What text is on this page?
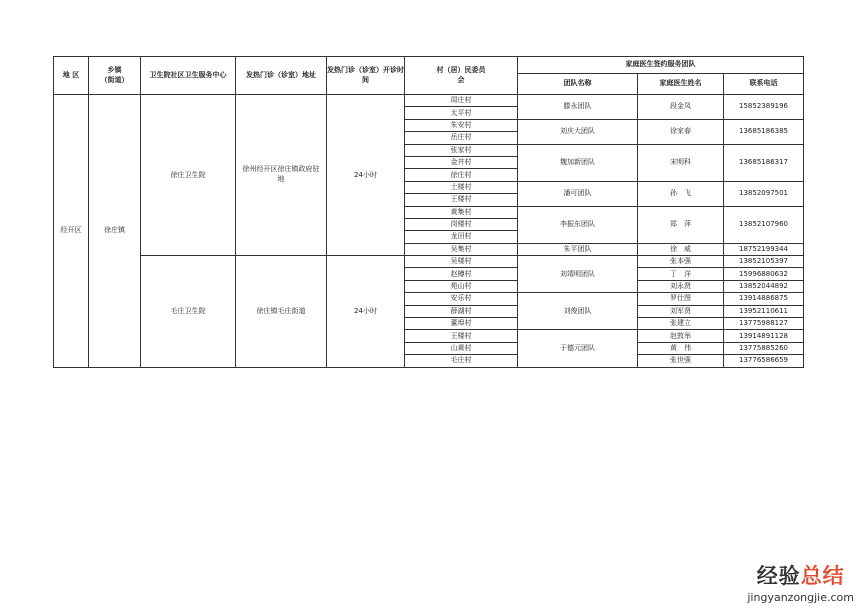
地 区	乡镇
（街道）	卫生院社区卫生服务中心	发热门诊（诊室）地址	发热门诊（诊室）开诊时间	村（居）民委员会	家庭医生签约服务团队		
						团队名称	家庭医生姓名	联系电话
经开区	徐庄镇	徐庄卫生院	徐州经开区徐庄镇政府驻地	24小时	周庄村	滕永团队	段金凤	15852389196
					太平村			
					朱安村	刘庆大团队	徐家春	13685186385
					岳庄村			
					张家村	魏加新团队	宋明科	13685186317
					金井村			
					徐庄村			
					土楼村	潘可团队	孙　飞	13852097501
					王楼村			
					黄集村	李振东团队	郑　萍	13852107960
					岗楼村			
					龙田村			
					吴集村	朱平团队	徐　威	18752199344
		毛庄卫生院	徐庄镇毛庄街道	24小时	吴楼村	刘靖明团队	张本强	13852105397
					赵樽村		丁　洋	15996880632
					苑山村		刘永贤	13852044892
					安乐村	刘俊团队	罗仕图	13914886875
					薛湖村		刘军贤	13952110611
					董埠村		张建立	13775988127
					王楼村	于德元团队	赵敦举	13914891128
					山黄村		黄　伟	13775885260
					毛庄村		张世强	13776586659
经验总结
jingyanzongjie.com
